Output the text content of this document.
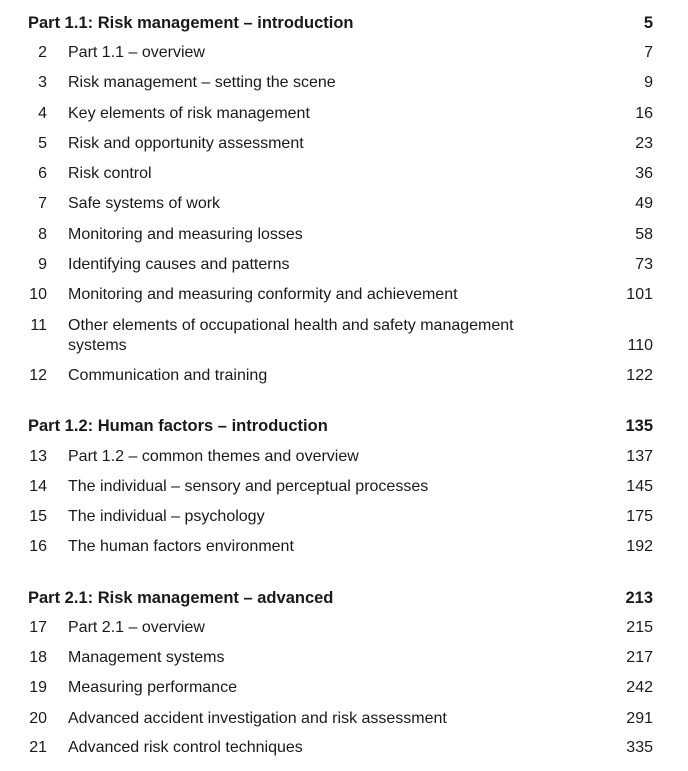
Part 1.1: Risk management – introduction	5
2 Part 1.1 – overview	7
3 Risk management – setting the scene	9
4 Key elements of risk management	16
5 Risk and opportunity assessment	23
6 Risk control	36
7 Safe systems of work	49
8 Monitoring and measuring losses	58
9 Identifying causes and patterns	73
10 Monitoring and measuring conformity and achievement	101
11 Other elements of occupational health and safety management systems	110
12 Communication and training	122
Part 1.2: Human factors – introduction	135
13 Part 1.2 – common themes and overview	137
14 The individual – sensory and perceptual processes	145
15 The individual – psychology	175
16 The human factors environment	192
Part 2.1: Risk management – advanced	213
17 Part 2.1 – overview	215
18 Management systems	217
19 Measuring performance	242
20 Advanced accident investigation and risk assessment	291
21 Advanced risk control techniques	335
